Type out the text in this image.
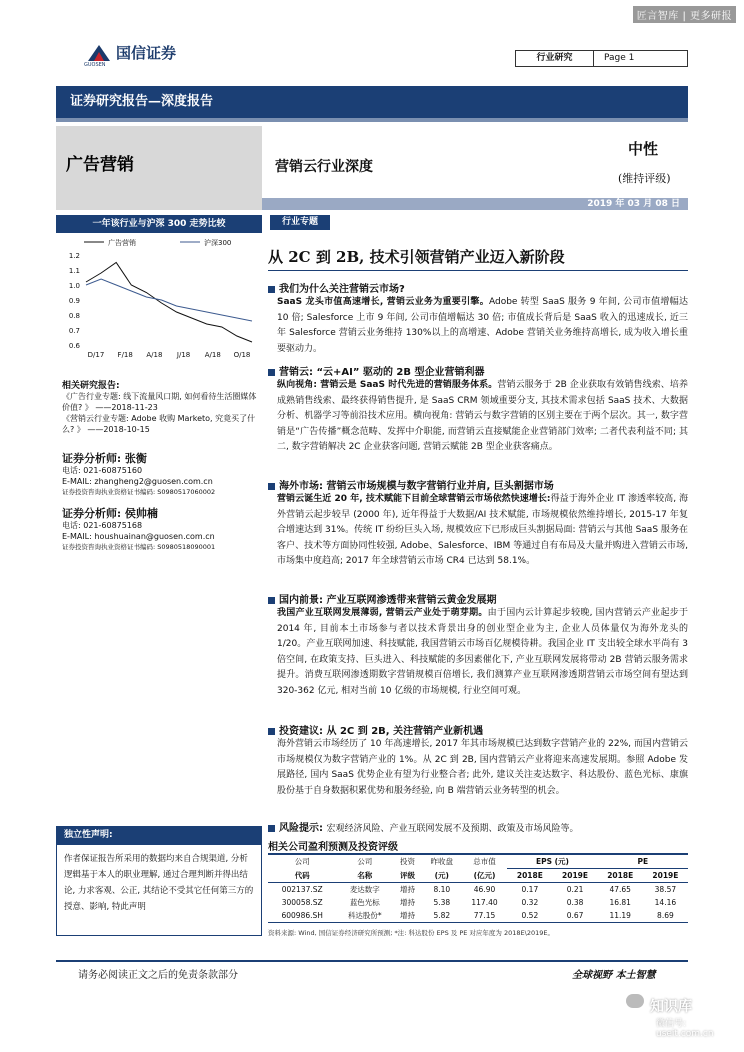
匠言智库 | 更多研报
国信证券
GUOSEN
行业研究	Page 1
证券研究报告—深度报告
广告营销	营销云行业深度
中性
(维持评级)
2019 年 03 月 08 日
一年该行业与沪深 300 走势比较
1.2
1.1
1.0
0.9
0.8
0.7
0.6
D/17 F/18 A/18 J/18 A/18 O/18
广告营销	沪深300
相关研究报告:
《广告行业专题: 线下流量风口期, 如何看待生活圈媒体价值? 》 ——2018-11-23
《营销云行业专题: Adobe 收购 Marketo, 究竟买了什么? 》 ——2018-10-15
证券分析师: 张衡
电话: 021-60875160
E-MAIL: zhangheng2@guosen.com.cn
证券投资咨询执业资格证书编码: S0980517060002
证券分析师: 侯帅楠
电话: 021-60875168
E-MAIL: houshuainan@guosen.com.cn
证券投资咨询执业资格证书编码: S0980518090001
独立性声明:
作者保证报告所采用的数据均来自合规渠道, 分析逻辑基于本人的职业理解, 通过合理判断并得出结论, 力求客观、公正, 其结论不受其它任何第三方的授意、影响, 特此声明
行业专题
从 2C 到 2B, 技术引领营销产业迈入新阶段
我们为什么关注营销云市场?
SaaS 龙头市值高速增长, 营销云业务为重要引擎。Adobe 转型 SaaS 服务 9 年间, 公司市值增幅达 10 倍; Salesforce 上市 9 年间, 公司市值增幅达 30 倍; 市值成长背后是 SaaS 收入的迅速成长, 近三年 Salesforce 营销云业务维持 130%以上的高增速、Adobe 营销关业务维持高增长, 成为收入增长重要驱动力。
营销云: “云+AI” 驱动的 2B 型企业营销利器
纵向视角: 营销云是 SaaS 时代先进的营销服务体系。营销云服务于 2B 企业获取有效销售线索、培养成熟销售线索、最终获得销售提升, 是 SaaS CRM 领域重要分支, 其技术需求包括 SaaS 技术、大数据分析、机器学习等前沿技术应用。横向视角: 营销云与数字营销的区别主要在于两个层次。其一, 数字营销是“广告传播”概念范畴、发挥中介职能, 而营销云直接赋能企业营销部门效率; 二者代表利益不同; 其二, 数字营销解决 2C 企业获客问题, 营销云赋能 2B 型企业获客痛点。
海外市场: 营销云市场规模与数字营销行业并肩, 巨头割据市场
营销云诞生近 20 年, 技术赋能下目前全球营销云市场依然快速增长:得益于海外企业 IT 渗透率较高, 海外营销云起步较早 (2000 年), 近年得益于大数据/AI 技术赋能, 市场规模依然维持增长, 2015-17 年复合增速达到 31%。传统 IT 纷纷巨头入场, 规模效应下已形成巨头割据局面: 营销云与其他 SaaS 服务在客户、技术等方面协同性较强, Adobe、Salesforce、IBM 等通过自有布局及大量并购进入营销云市场, 市场集中度趋高; 2017 年全球营销云市场 CR4 已达到 58.1%。
国内前景: 产业互联网渗透带来营销云黄金发展期
我国产业互联网发展薄弱, 营销云产业处于萌芽期。由于国内云计算起步较晚, 国内营销云产业起步于 2014 年, 目前本土市场参与者以技术背景出身的创业型企业为主, 企业人员体量仅为海外龙头的 1/20。产业互联网加速、科技赋能, 我国营销云市场百亿规模待耕。我国企业 IT 支出较全球水平尚有 3 倍空间, 在政策支持、巨头进入、科技赋能的多因素催化下, 产业互联网发展将带动 2B 营销云服务需求提升。消费互联网渗透期数字营销规模百倍增长, 我们测算产业互联网渗透期营销云市场空间有望达到 320-362 亿元, 相对当前 10 亿级的市场规模, 行业空间可观。
投资建议: 从 2C 到 2B, 关注营销产业新机遇
海外营销云市场经历了 10 年高速增长, 2017 年其市场规模已达到数字营销产业的 22%, 而国内营销云市场规模仅为数字营销产业的 1%。从 2C 到 2B, 国内营销云产业将迎来高速发展期。参照 Adobe 发展路径, 国内 SaaS 优势企业有望为行业整合者; 此外, 建议关注麦达数字、科达股份、蓝色光标、康旗股份基于自身数据积累优势和服务经验, 向 B 端营销云业务转型的机会。
风险提示: 宏观经济风险、产业互联网发展不及预期、政策及市场风险等。
相关公司盈利预测及投资评级
公司	公司	投资	昨收盘	总市值	EPS (元)		PE	
代码	名称	评级	(元)	(亿元)	2018E	2019E	2018E	2019E
002137.SZ	麦达数字	增持	8.10	46.90	0.17	0.21	47.65	38.57
300058.SZ	蓝色光标	增持	5.38	117.40	0.32	0.38	16.81	14.16
600986.SH	科达股份*	增持	5.82	77.15	0.52	0.67	11.19	8.69
资料来源: Wind, 国信证券经济研究所预测; *注: 科达股份 EPS 及 PE 对应年度为 2018E\2019E。
请务必阅读正文之后的免责条款部分	全球视野 本土智慧
知识库
微信号: useit.com.cn
